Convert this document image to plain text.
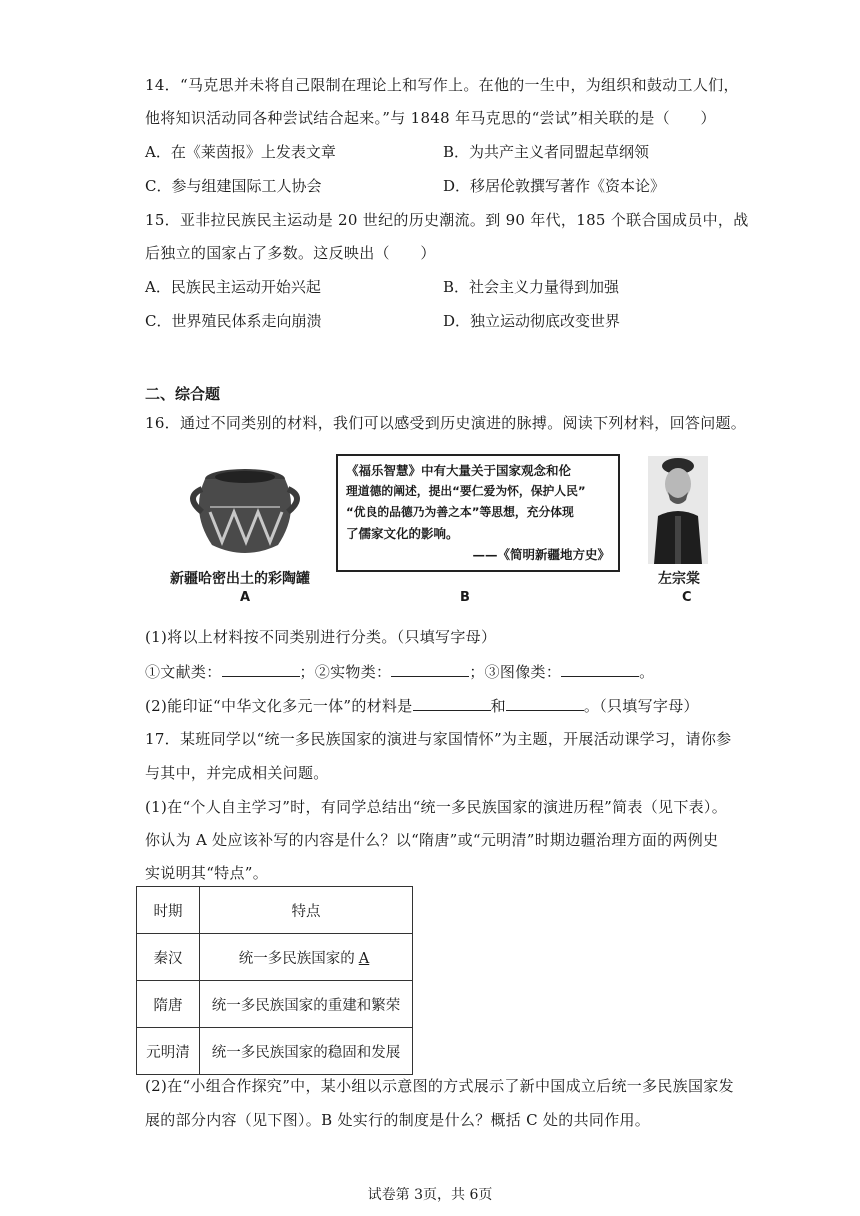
14．“马克思并未将自己限制在理论上和写作上。在他的一生中，为组织和鼓动工人们，
他将知识活动同各种尝试结合起来。”与 1848 年马克思的“尝试”相关联的是（　　）
A．在《莱茵报》上发表文章	B．为共产主义者同盟起草纲领
C．参与组建国际工人协会	D．移居伦敦撰写著作《资本论》
15．亚非拉民族民主运动是 20 世纪的历史潮流。到 90 年代，185 个联合国成员中，战
后独立的国家占了多数。这反映出（　　）
A．民族民主运动开始兴起	B．社会主义力量得到加强
C．世界殖民体系走向崩溃	D．独立运动彻底改变世界
二、综合题
16．通过不同类别的材料，我们可以感受到历史演进的脉搏。阅读下列材料，回答问题。
新疆哈密出土的彩陶罐
A
《福乐智慧》中有大量关于国家观念和伦
理道德的阐述，提出“要仁爱为怀，保护人民”
“优良的品德乃为善之本”等思想，充分体现
了儒家文化的影响。
——《简明新疆地方史》
B
左宗棠
C
(1)将以上材料按不同类别进行分类。（只填写字母）
①文献类：	；②实物类：	；③图像类：	。
(2)能印证“中华文化多元一体”的材料是	和	。（只填写字母）
17．某班同学以“统一多民族国家的演进与家国情怀”为主题，开展活动课学习，请你参
与其中，并完成相关问题。
(1)在“个人自主学习”时，有同学总结出“统一多民族国家的演进历程”简表（见下表）。
你认为 A 处应该补写的内容是什么？以“隋唐”或“元明清”时期边疆治理方面的两例史
实说明其“特点”。
时期	特点
秦汉	统一多民族国家的 A
隋唐	统一多民族国家的重建和繁荣
元明清	统一多民族国家的稳固和发展
(2)在“小组合作探究”中，某小组以示意图的方式展示了新中国成立后统一多民族国家发
展的部分内容（见下图）。B 处实行的制度是什么？概括 C 处的共同作用。
试卷第 3页，共 6页
